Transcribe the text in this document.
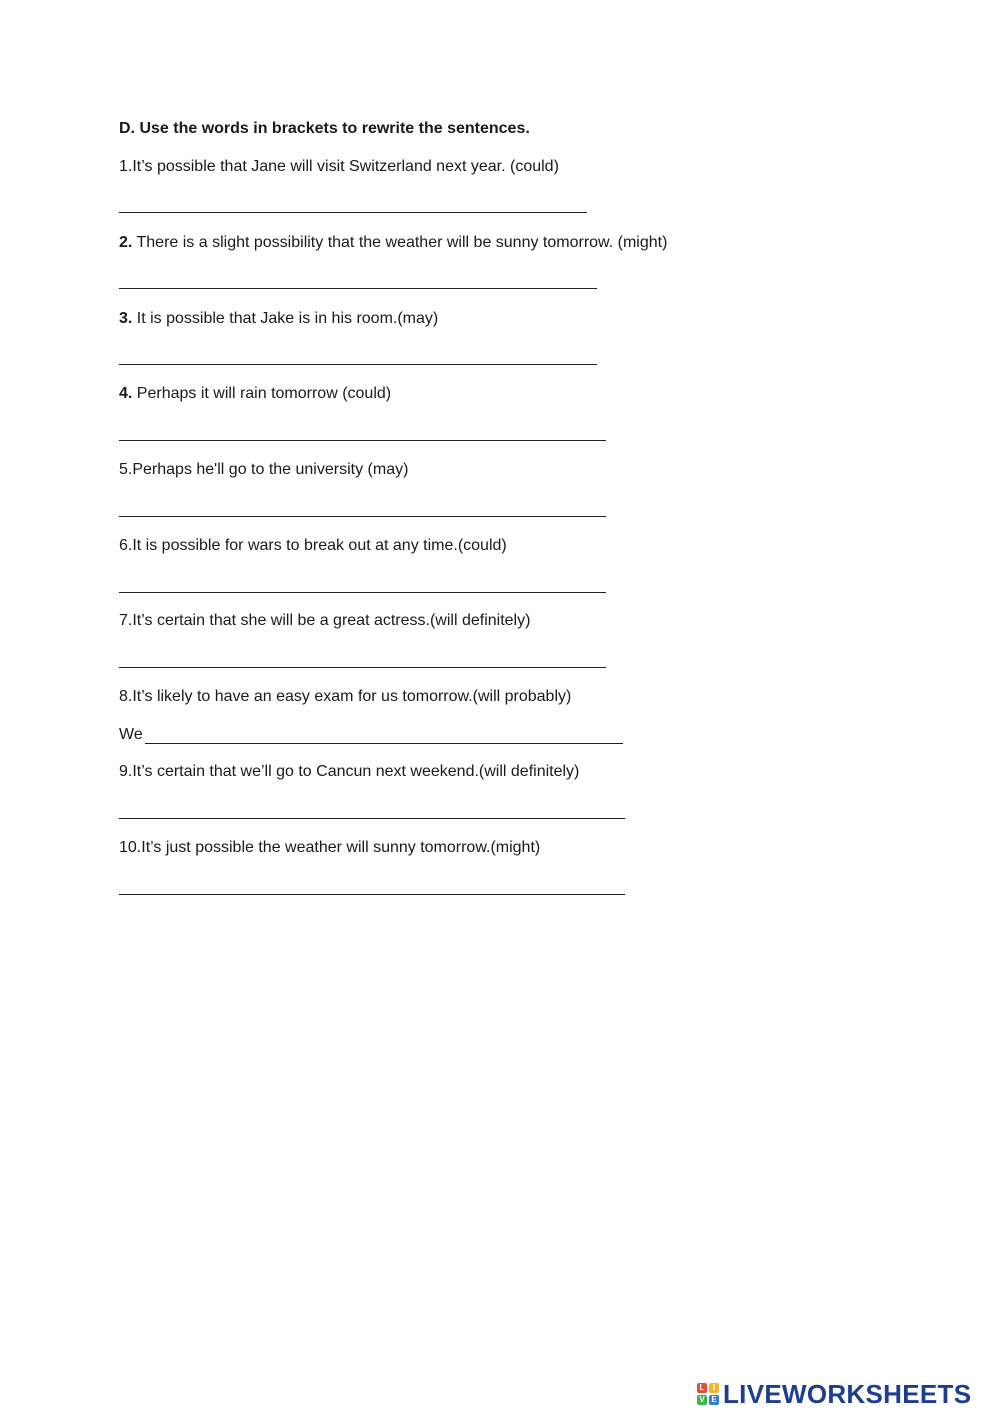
D. Use the words in brackets to rewrite the sentences.
1.It’s possible that Jane will visit Switzerland next year. (could)
2. There is a slight possibility that the weather will be sunny tomorrow. (might)
3. It is possible that Jake is in his room.(may)
4. Perhaps it will rain tomorrow (could)
5.Perhaps he'll go to the university (may)
6.It is possible for wars to break out at any time.(could)
7.It’s certain that she will be a great actress.(will definitely)
8.It’s likely to have an easy exam for us tomorrow.(will probably)
We
9.It’s certain that we’ll go to Cancun next weekend.(will definitely)
10.It’s just possible the weather will sunny tomorrow.(might)
L	I
V E LIVEWORKSHEETS
